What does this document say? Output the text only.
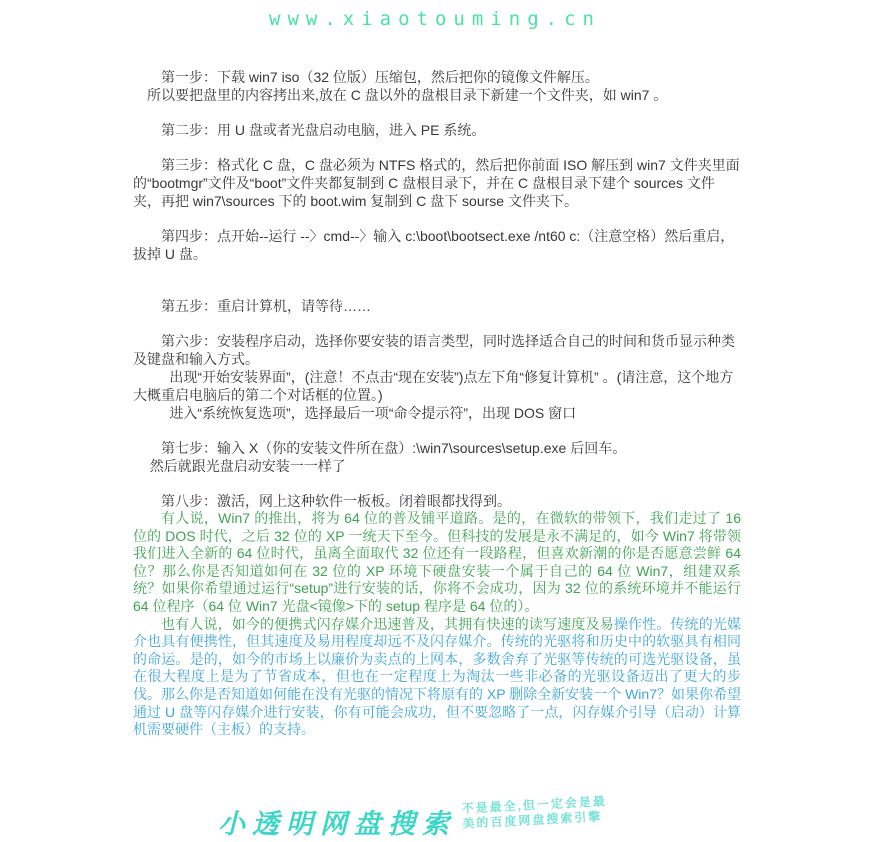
www.xiaotouming.cn

第一步：下载 win7 iso（32 位版）压缩包，然后把你的镜像文件解压。

所以要把盘里的内容拷出来,放在 C 盘以外的盘根目录下新建一个文件夹，如 win7 。

第二步：用 U 盘或者光盘启动电脑，进入 PE 系统。

第三步：格式化 C 盘，C 盘必须为 NTFS 格式的，然后把你前面 ISO 解压到 win7 文件夹里面的“bootmgr”文件及“boot”文件夹都复制到 C 盘根目录下，并在 C 盘根目录下建个 sources 文件夹，再把 win7\sources 下的 boot.wim 复制到 C 盘下 sourse 文件夹下。

第四步：点开始--运行 --〉cmd--〉输入 c:\boot\bootsect.exe /nt60 c:（注意空格）然后重启，拔掉 U 盘。

第五步：重启计算机，请等待……

第六步：安装程序启动，选择你要安装的语言类型，同时选择适合自己的时间和货币显示种类及键盘和输入方式。

出现“开始安装界面”，(注意！不点击“现在安装”)点左下角“修复计算机” 。(请注意，这个地方大概重启电脑后的第二个对话框的位置。)

进入“系统恢复选项”，选择最后一项“命令提示符”，出现 DOS 窗口

第七步：输入 X（你的安装文件所在盘）:\win7\sources\setup.exe 后回车。

然后就跟光盘启动安装一一样了

第八步：激活，网上这种软件一板板。闭着眼都找得到。

有人说，Win7 的推出，将为 64 位的普及铺平道路。是的，在微软的带领下，我们走过了 16 位的 DOS 时代，之后 32 位的 XP 一统天下至今。但科技的发展是永不满足的，如今 Win7 将带领我们进入全新的 64 位时代，虽离全面取代 32 位还有一段路程，但喜欢新潮的你是否愿意尝鲜 64 位？那么你是否知道如何在 32 位的 XP 环境下硬盘安装一个属于自己的 64 位 Win7，组建双系统？如果你希望通过运行“setup”进行安装的话，你将不会成功，因为 32 位的系统环境并不能运行 64 位程序（64 位 Win7 光盘<镜像>下的 setup 程序是 64 位的）。

也有人说，如今的便携式闪存媒介迅速普及，其拥有快速的读写速度及易操作性。传统的光媒介也具有便携性，但其速度及易用程度却远不及闪存媒介。传统的光驱将和历史中的软驱具有相同的命运。是的，如今的市场上以廉价为卖点的上网本，多数舍弃了光驱等传统的可选光驱设备，虽在很大程度上是为了节省成本，但也在一定程度上为淘汰一些非必备的光驱设备迈出了更大的步伐。那么你是否知道如何能在没有光驱的情况下将原有的 XP 删除全新安装一个 Win7？如果你希望通过 U 盘等闪存媒介进行安装，你有可能会成功，但不要忽略了一点，闪存媒介引导（启动）计算机需要硬件（主板）的支持。

小透明网盘搜索
不是最全,但一定会是最
美的百度网盘搜索引擎
